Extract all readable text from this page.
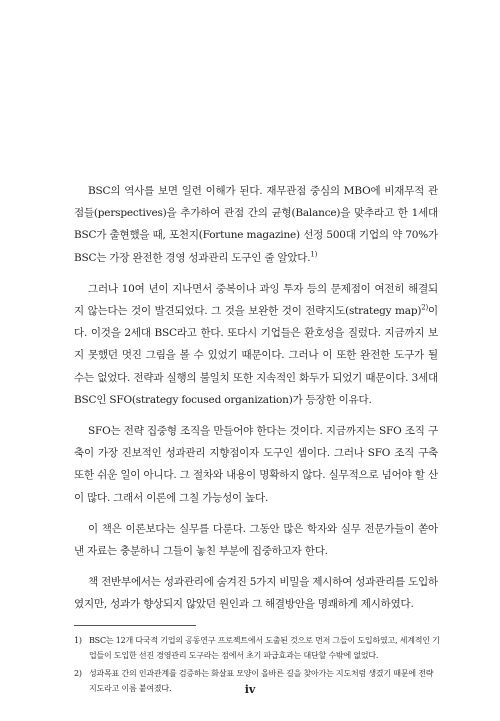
BSC의 역사를 보면 일련 이해가 된다. 재무관점 중심의 MBO에 비재무적 관점들(perspectives)을 추가하여 관점 간의 균형(Balance)을 맞추라고 한 1세대 BSC가 출현했을 때, 포천지(Fortune magazine) 선정 500대 기업의 약 70%가 BSC는 가장 완전한 경영 성과관리 도구인 줄 알았다.$^{1)}$

그러나 10여 년이 지나면서 중복이나 과잉 투자 등의 문제점이 여전히 해결되지 않는다는 것이 발견되었다. 그 것을 보완한 것이 전략지도(strategy map)$^{2)}$이다. 이것을 2세대 BSC라고 한다. 또다시 기업들은 환호성을 질렀다. 지금까지 보지 못했던 멋진 그림을 볼 수 있었기 때문이다. 그러나 이 또한 완전한 도구가 될 수는 없었다. 전략과 실행의 불일치 또한 지속적인 화두가 되었기 때문이다. 3세대 BSC인 SFO(strategy focused organization)가 등장한 이유다.

SFO는 전략 집중형 조직을 만들어야 한다는 것이다. 지금까지는 SFO 조직 구축이 가장 진보적인 성과관리 지향점이자 도구인 셈이다. 그러나 SFO 조직 구축 또한 쉬운 일이 아니다. 그 절차와 내용이 명확하지 않다. 실무적으로 넘어야 할 산이 많다. 그래서 이론에 그칠 가능성이 높다.

이 책은 이론보다는 실무를 다룬다. 그동안 많은 학자와 실무 전문가들이 쏟아낸 자료는 충분하니 그들이 놓친 부분에 집중하고자 한다.

책 전반부에서는 성과관리에 숨겨진 5가지 비밀을 제시하여 성과관리를 도입하였지만, 성과가 향상되지 않았던 원인과 그 해결방안을 명쾌하게 제시하였다.

1) BSC는 12개 다국적 기업의 공동연구 프로젝트에서 도출된 것으로 먼저 그들이 도입하였고, 세계적인 기업들이 도입한 선진 경영관리 도구라는 점에서 초기 파급효과는 대단할 수밖에 없었다.
2) 성과목표 간의 인과관계를 검증하는 화살표 모양이 올바른 길을 찾아가는 지도처럼 생겼기 때문에 전략지도라고 이름 붙여졌다.	iv
